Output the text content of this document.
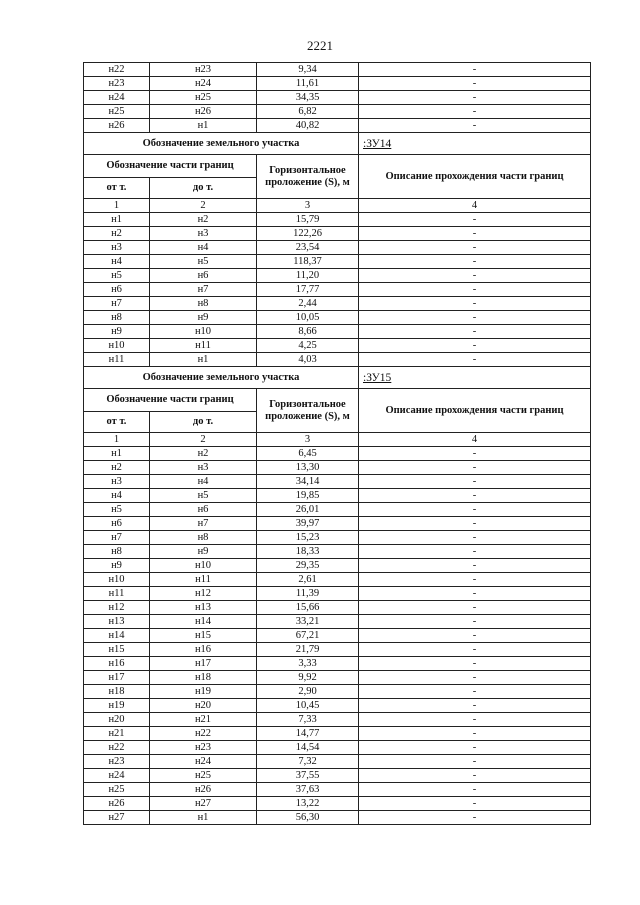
2221
н22	н23	9,34	-
н23	н24	11,61	-
н24	н25	34,35	-
н25	н26	6,82	-
н26	н1	40,82	-
Обозначение земельного участка			:ЗУ14
Обозначение части границ		Горизонтальное проложение (S), м	Описание прохождения части границ
от т.	до т.		
1	2	3	4
н1	н2	15,79	-
н2	н3	122,26	-
н3	н4	23,54	-
н4	н5	118,37	-
н5	н6	11,20	-
н6	н7	17,77	-
н7	н8	2,44	-
н8	н9	10,05	-
н9	н10	8,66	-
н10	н11	4,25	-
н11	н1	4,03	-
Обозначение земельного участка			:ЗУ15
Обозначение части границ		Горизонтальное проложение (S), м	Описание прохождения части границ
от т.	до т.		
1	2	3	4
н1	н2	6,45	-
н2	н3	13,30	-
н3	н4	34,14	-
н4	н5	19,85	-
н5	н6	26,01	-
н6	н7	39,97	-
н7	н8	15,23	-
н8	н9	18,33	-
н9	н10	29,35	-
н10	н11	2,61	-
н11	н12	11,39	-
н12	н13	15,66	-
н13	н14	33,21	-
н14	н15	67,21	-
н15	н16	21,79	-
н16	н17	3,33	-
н17	н18	9,92	-
н18	н19	2,90	-
н19	н20	10,45	-
н20	н21	7,33	-
н21	н22	14,77	-
н22	н23	14,54	-
н23	н24	7,32	-
н24	н25	37,55	-
н25	н26	37,63	-
н26	н27	13,22	-
н27	н1	56,30	-
